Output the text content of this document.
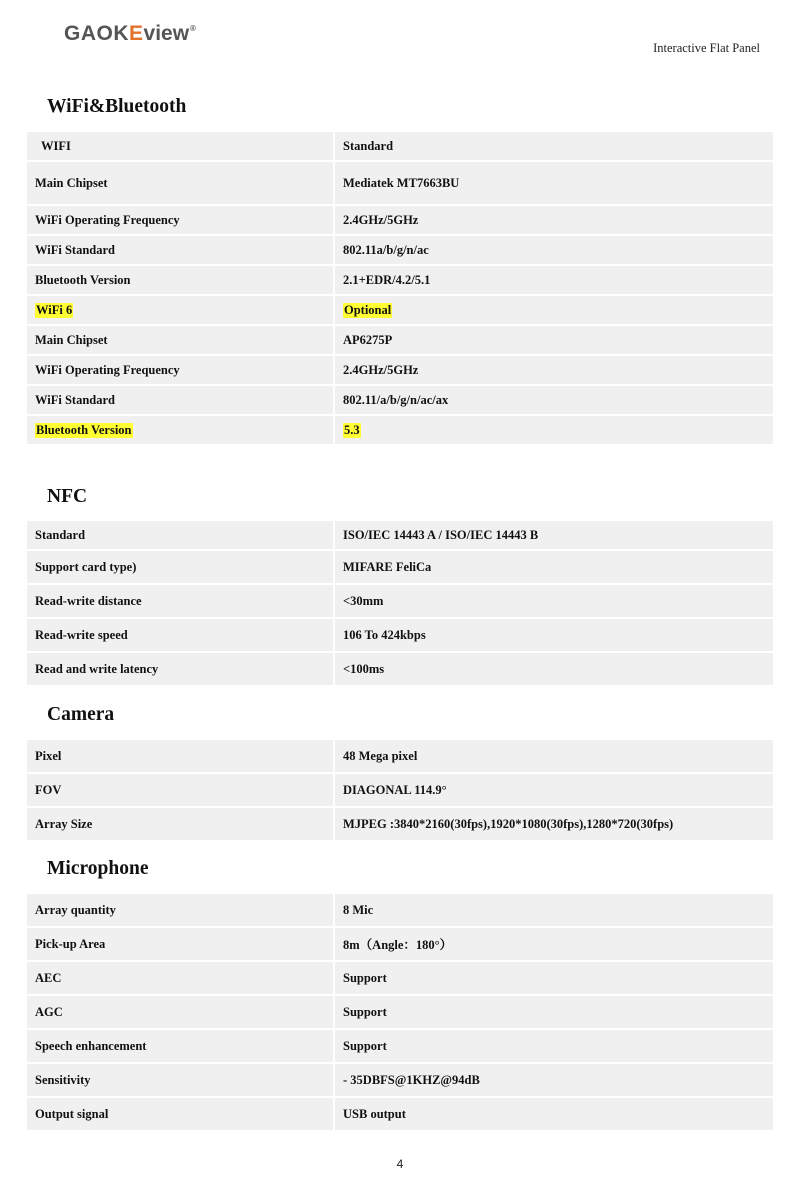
GAOKEview®
Interactive Flat Panel
WiFi&Bluetooth
WIFI	Standard
Main Chipset	Mediatek MT7663BU
WiFi Operating Frequency	2.4GHz/5GHz
WiFi Standard	802.11a/b/g/n/ac
Bluetooth Version	2.1+EDR/4.2/5.1
WiFi 6	Optional
Main Chipset	AP6275P
WiFi Operating Frequency	2.4GHz/5GHz
WiFi Standard	802.11/a/b/g/n/ac/ax
Bluetooth Version	5.3
NFC
Standard	ISO/IEC 14443 A / ISO/IEC 14443 B
Support card type)	MIFARE FeliCa
Read-write distance	<30mm
Read-write speed	106 To 424kbps
Read and write latency	<100ms
Camera
Pixel	48 Mega pixel
FOV	DIAGONAL 114.9°
Array Size	MJPEG :3840*2160(30fps),1920*1080(30fps),1280*720(30fps)
Microphone
Array quantity	8 Mic
Pick-up Area	8m（Angle：180°）
AEC	Support
AGC	Support
Speech enhancement	Support
Sensitivity	- 35DBFS@1KHZ@94dB
Output signal	USB output
4
